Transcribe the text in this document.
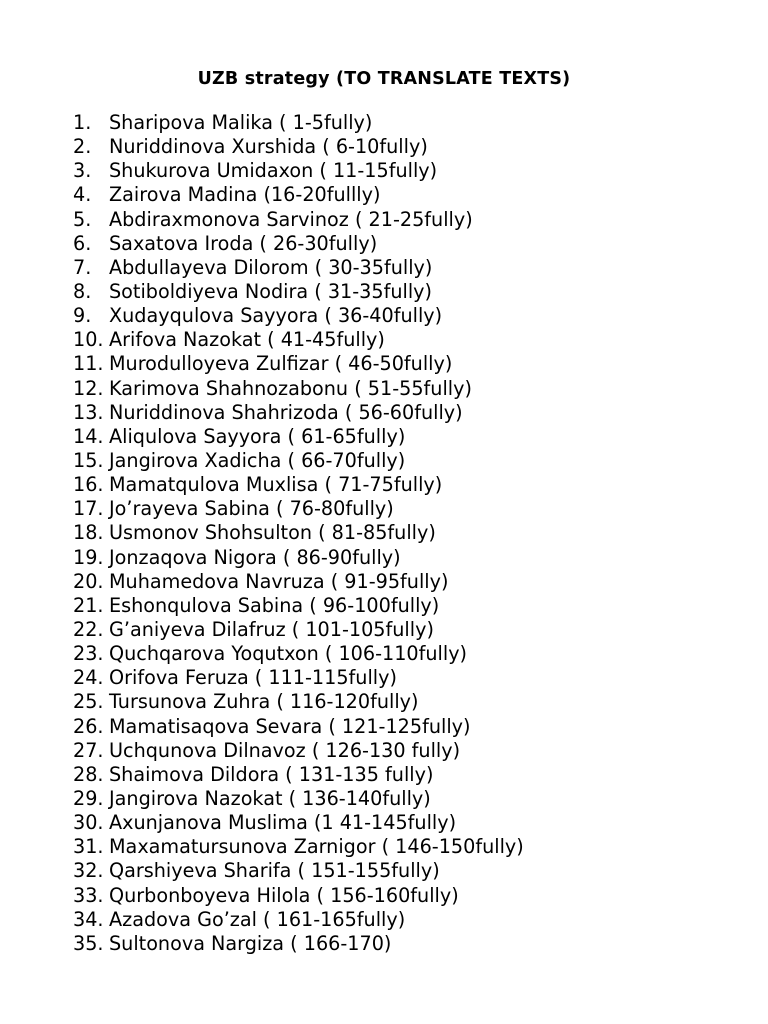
UZB strategy (TO TRANSLATE TEXTS)
1. Sharipova Malika ( 1-5fully)
2. Nuriddinova Xurshida ( 6-10fully)
3. Shukurova Umidaxon ( 11-15fully)
4. Zairova Madina (16-20fullly)
5. Abdiraxmonova Sarvinoz ( 21-25fully)
6. Saxatova Iroda ( 26-30fully)
7. Abdullayeva Dilorom ( 30-35fully)
8. Sotiboldiyeva Nodira ( 31-35fully)
9. Xudayqulova Sayyora ( 36-40fully)
10. Arifova Nazokat ( 41-45fully)
11. Murodulloyeva Zulfizar ( 46-50fully)
12. Karimova Shahnozabonu ( 51-55fully)
13. Nuriddinova Shahrizoda ( 56-60fully)
14. Aliqulova Sayyora ( 61-65fully)
15. Jangirova Xadicha ( 66-70fully)
16. Mamatqulova Muxlisa ( 71-75fully)
17. Jo’rayeva Sabina ( 76-80fully)
18. Usmonov Shohsulton ( 81-85fully)
19. Jonzaqova Nigora ( 86-90fully)
20. Muhamedova Navruza ( 91-95fully)
21. Eshonqulova Sabina ( 96-100fully)
22. G’aniyeva Dilafruz ( 101-105fully)
23. Quchqarova Yoqutxon ( 106-110fully)
24. Orifova Feruza ( 111-115fully)
25. Tursunova Zuhra ( 116-120fully)
26. Mamatisaqova Sevara ( 121-125fully)
27. Uchqunova Dilnavoz ( 126-130 fully)
28. Shaimova Dildora ( 131-135 fully)
29. Jangirova Nazokat ( 136-140fully)
30. Axunjanova Muslima (1 41-145fully)
31. Maxamatursunova Zarnigor ( 146-150fully)
32. Qarshiyeva Sharifa ( 151-155fully)
33. Qurbonboyeva Hilola ( 156-160fully)
34. Azadova Go’zal ( 161-165fully)
35. Sultonova Nargiza ( 166-170)
